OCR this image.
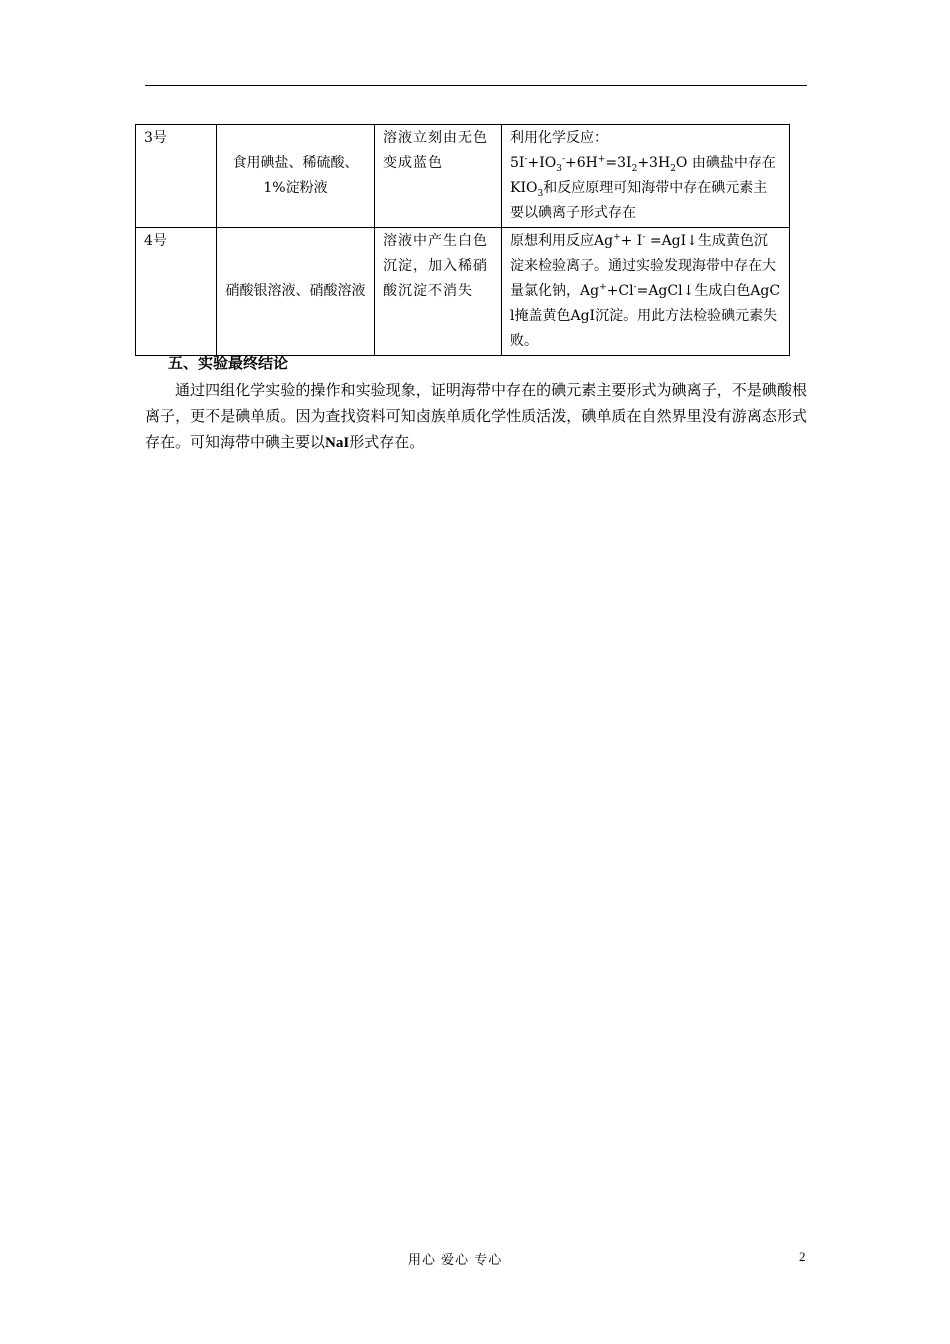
3号	食用碘盐、稀硫酸、1%淀粉液	溶液立刻由无色变成蓝色	利用化学反应：
$5I^-+IO_3^-+6H^+=3I_2+3H_2O$ 由碘盐中存在$KIO_3$和反应原理可知海带中存在碘元素主要以碘离子形式存在
4号	硝酸银溶液、硝酸溶液	溶液中产生白色沉淀，加入稀硝酸沉淀不消失	原想利用反应Ag++ I- =AgI↓生成黄色沉淀来检验离子。通过实验发现海带中存在大量氯化钠，Ag++Cl-=AgCl↓生成白色AgCl掩盖黄色AgI沉淀。用此方法检验碘元素失败。
五、实验最终结论

通过四组化学实验的操作和实验现象，证明海带中存在的碘元素主要形式为碘离子，不是碘酸根离子，更不是碘单质。因为查找资料可知卤族单质化学性质活泼，碘单质在自然界里没有游离态形式存在。可知海带中碘主要以NaI形式存在。

用心 爱心 专心	2
